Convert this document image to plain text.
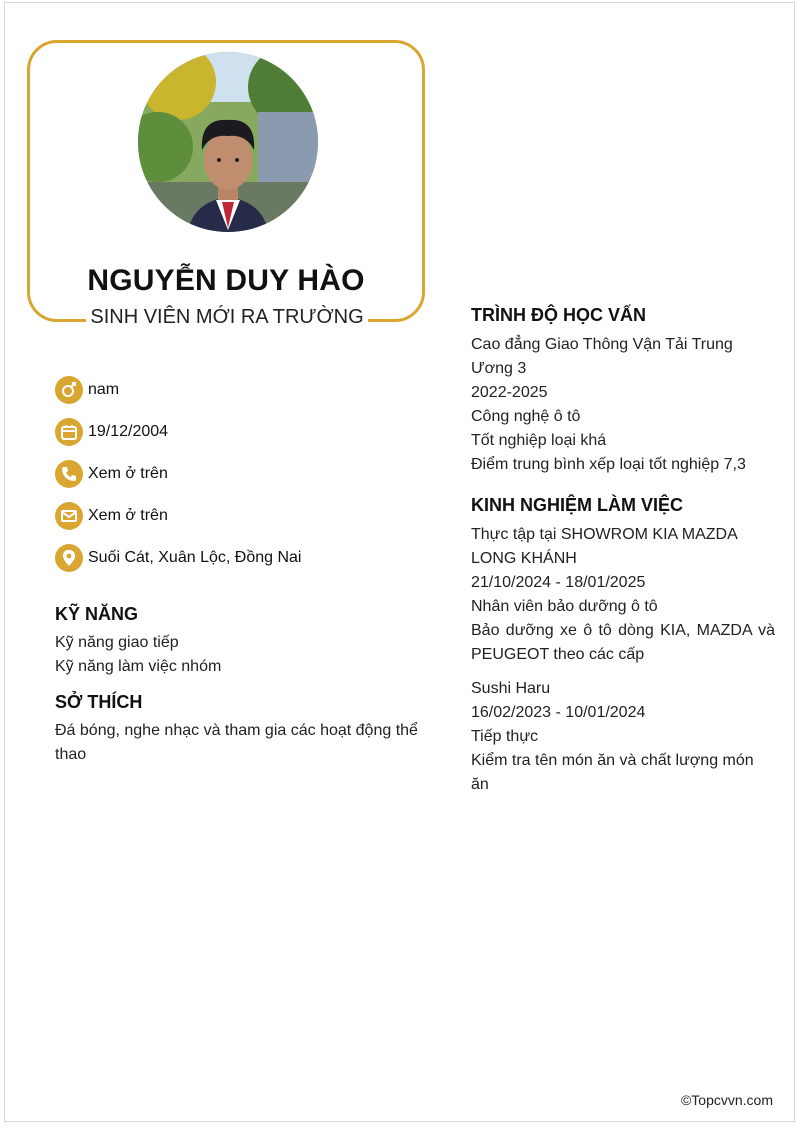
NGUYỄN DUY HÀO
SINH VIÊN MỚI RA TRƯỜNG
nam
19/12/2004
Xem ở trên
Xem ở trên
Suối Cát, Xuân Lộc, Đồng Nai
KỸ NĂNG
Kỹ năng giao tiếp
Kỹ năng làm việc nhóm
SỞ THÍCH
Đá bóng, nghe nhạc và tham gia các hoạt động thể thao
TRÌNH ĐỘ HỌC VẤN
Cao đẳng Giao Thông Vận Tải Trung Ương 3
2022-2025
Công nghệ ô tô
Tốt nghiệp loại khá
Điểm trung bình xếp loại tốt nghiệp 7,3
KINH NGHIỆM LÀM VIỆC
Thực tập tại SHOWROM KIA MAZDA LONG KHÁNH
21/10/2024 - 18/01/2025
Nhân viên bảo dưỡng ô tô
Bảo dưỡng xe ô tô dòng KIA, MAZDA và PEUGEOT theo các cấp
Sushi Haru
16/02/2023 - 10/01/2024
Tiếp thực
Kiểm tra tên món ăn và chất lượng món ăn
©Topcvvn.com
